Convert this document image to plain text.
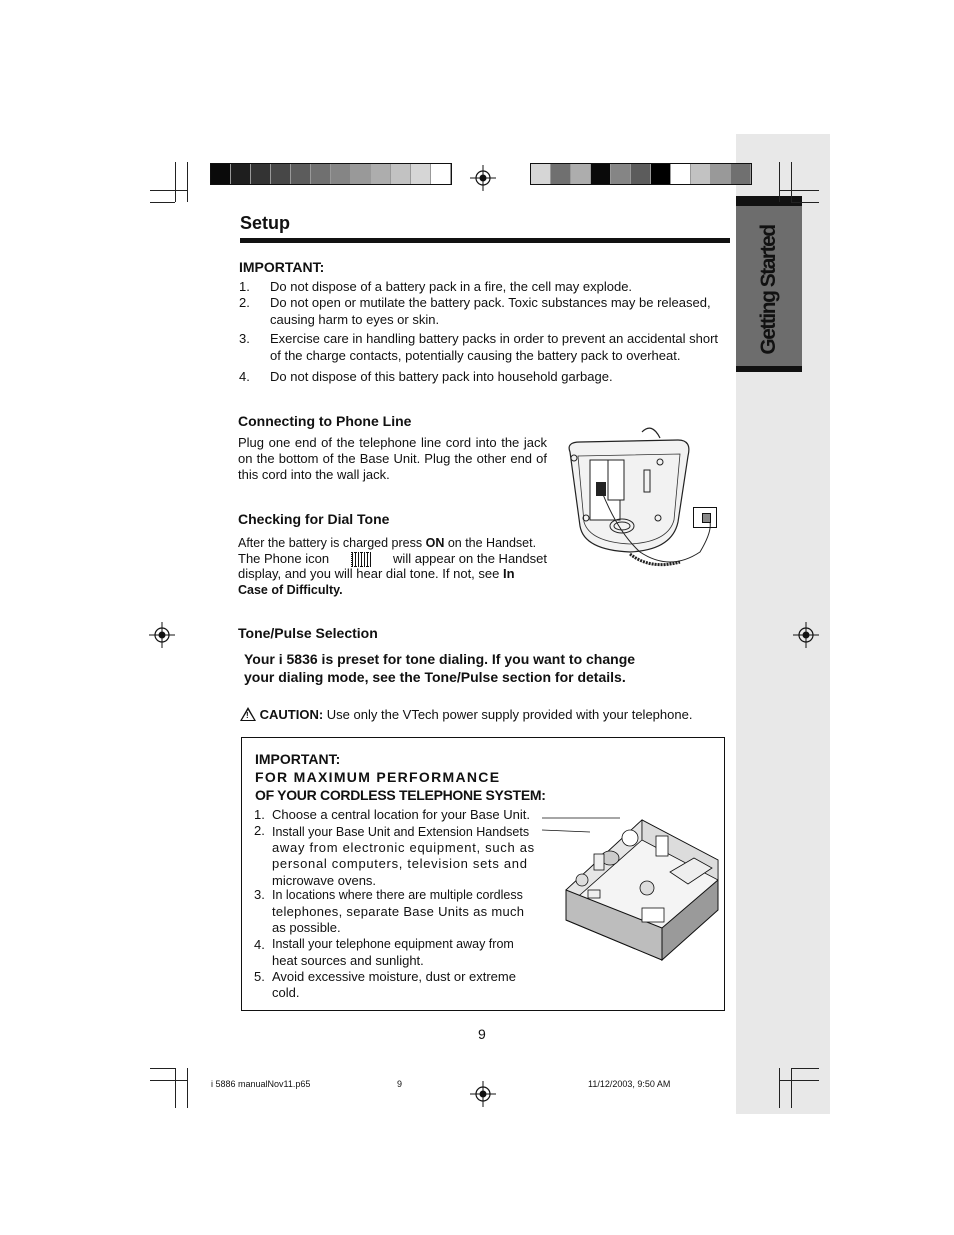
Getting Started
Setup
IMPORTANT:
1. Do not dispose of a battery pack in a fire, the cell may explode.
2. Do not open or mutilate the battery pack. Toxic substances may be released,
causing harm to eyes or skin.
3. Exercise care in handling battery packs in order to prevent an accidental short
of the charge contacts, potentially causing the battery pack to overheat.
4. Do not dispose of this battery pack into household garbage.
Connecting to Phone Line
Plug one end of the telephone line cord into the jack on the bottom of the Base Unit. Plug the other end of this cord into the wall jack.
Checking for Dial Tone
After the battery is charged press ON on the Handset.
The Phone icon	will appear on the Handset
display, and you will hear dial tone. If not, see In
Case of Difficulty.
Tone/Pulse Selection
Your i 5836 is preset for tone dialing. If you want to change
your dialing mode, see the Tone/Pulse section for details.
! CAUTION: Use only the VTech power supply provided with your telephone.
IMPORTANT:
FOR MAXIMUM PERFORMANCE
OF YOUR CORDLESS TELEPHONE SYSTEM:
1. Choose a central location for your Base Unit.
2. Install your Base Unit and Extension Handsets
away from electronic equipment, such as
personal computers, television sets and
microwave ovens.
3. In locations where there are multiple cordless
telephones, separate Base Units as much
as possible.
4. Install your telephone equipment away from
heat sources and sunlight.
5. Avoid excessive moisture, dust or extreme
cold.
9
i 5886 manualNov11.p65	9	11/12/2003, 9:50 AM
